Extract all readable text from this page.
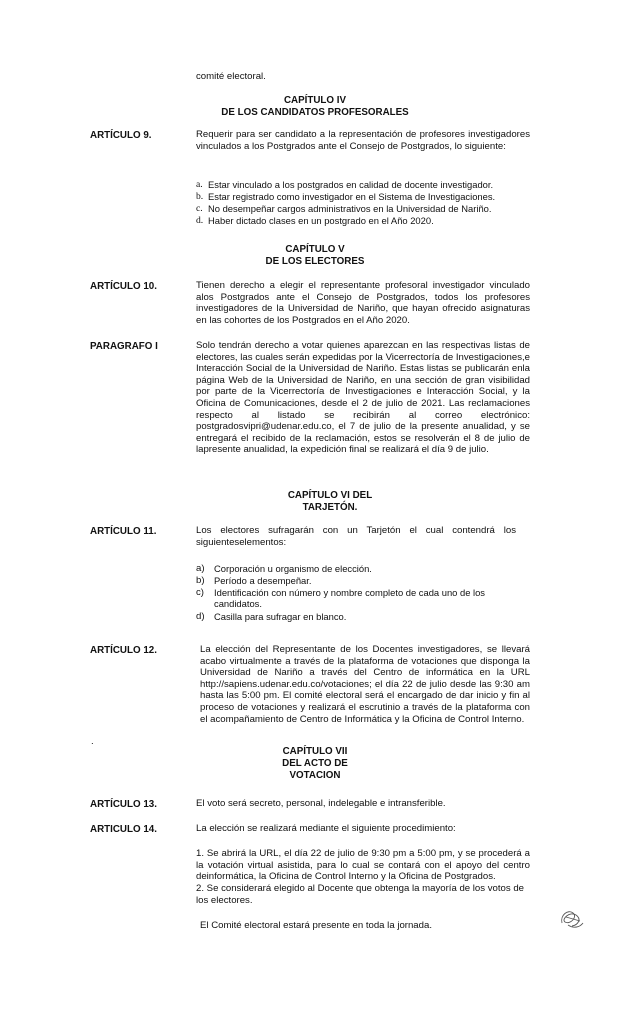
comité electoral.
CAPÍTULO IV
DE LOS CANDIDATOS PROFESORALES
ARTÍCULO 9.	Requerir para ser candidato a la representación de profesores investigadores vinculados a los Postgrados ante el Consejo de Postgrados, lo siguiente:
a. Estar vinculado a los postgrados en calidad de docente investigador.
b. Estar registrado como investigador en el Sistema de Investigaciones.
c. No desempeñar cargos administrativos en la Universidad de Nariño.
d. Haber dictado clases en un postgrado en el Año 2020.
CAPÍTULO V
DE LOS ELECTORES
ARTÍCULO 10.	Tienen derecho a elegir el representante profesoral investigador vinculado alos Postgrados ante el Consejo de Postgrados, todos los profesores investigadores de la Universidad de Nariño, que hayan ofrecido asignaturas en las cohortes de los Postgrados en el Año 2020.
PARAGRAFO I	Solo tendrán derecho a votar quienes aparezcan en las respectivas listas de electores, las cuales serán expedidas por la Vicerrectoría de Investigaciones,e Interacción Social de la Universidad de Nariño. Estas listas se publicarán enla página Web de la Universidad de Nariño, en una sección de gran visibilidad por parte de la Vicerrectoría de Investigaciones e Interacción Social, y la Oficina de Comunicaciones, desde el 2 de julio de 2021. Las reclamaciones respecto al listado se recibirán al correo electrónico: postgradosvipri@udenar.edu.co, el 7 de julio de la presente anualidad, y se entregará el recibido de la reclamación, estos se resolverán el 8 de julio de lapresente anualidad, la expedición final se realizará el día 9 de julio.
CAPÍTULO VI DEL
TARJETÓN.
ARTÍCULO 11.	Los electores sufragarán con un Tarjetón el cual contendrá los siguienteselementos:
a) Corporación u organismo de elección.
b) Período a desempeñar.
c) Identificación con número y nombre completo de cada uno de los candidatos.
d) Casilla para sufragar en blanco.
ARTÍCULO 12.	La elección del Representante de los Docentes investigadores, se llevará acabo virtualmente a través de la plataforma de votaciones que disponga la Universidad de Nariño a través del Centro de informática en la URL http://sapiens.udenar.edu.co/votaciones; el día 22 de julio desde las 9:30 am hasta las 5:00 pm. El comité electoral será el encargado de dar inicio y fin al proceso de votaciones y realizará el escrutinio a través de la plataforma con el acompañamiento de Centro de Informática y la Oficina de Control Interno.
.
CAPÍTULO VII
DEL ACTO DE
VOTACION
ARTÍCULO 13.	El voto será secreto, personal, indelegable e intransferible.
ARTICULO 14.	La elección se realizará mediante el siguiente procedimiento:
1. Se abrirá la URL, el día 22 de julio de 9:30 pm a 5:00 pm, y se procederá a la votación virtual asistida, para lo cual se contará con el apoyo del centro deinformática, la Oficina de Control Interno y la Oficina de Postgrados.
2. Se considerará elegido al Docente que obtenga la mayoría de los votos de los electores.
El Comité electoral estará presente en toda la jornada.
